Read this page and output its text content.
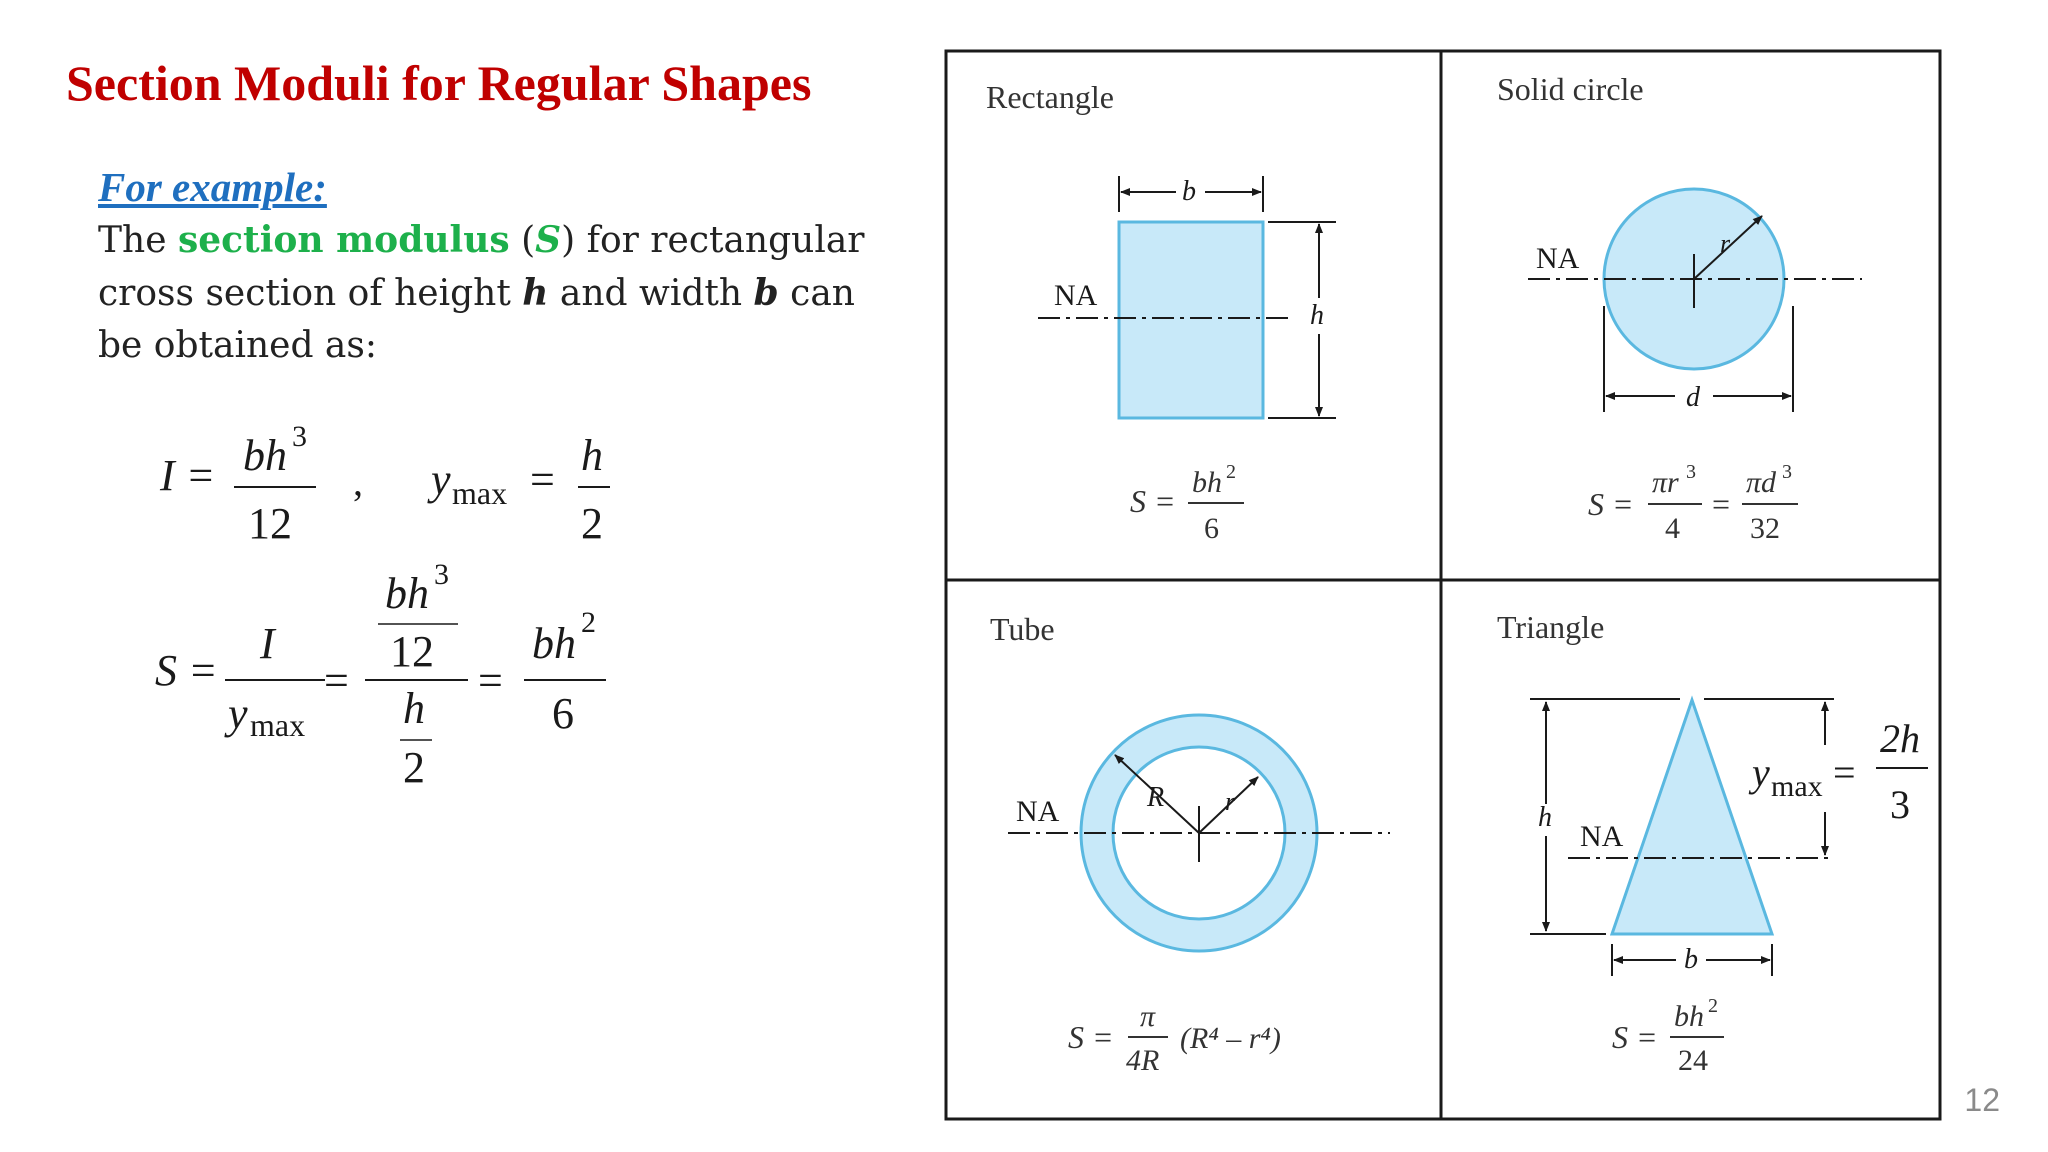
Section Moduli for Regular Shapes
For example:
The section modulus (S) for rectangular cross section of height h and width b can be obtained as:
I = bh 3
12
, y max = h
2
S =
I
y max
=
bh 3
12
h
2
=
bh 2
6
Rectangle
NA
b
h
S =
bh 2
6
Solid circle
NA	r
d
S =
πr 3
4
=
πd 3
32
Tube
NA	R r
S =
π
4R
(R⁴ – r⁴)
Triangle
NA
h
y max =
2h
3
b
S =
bh 2
24
12
